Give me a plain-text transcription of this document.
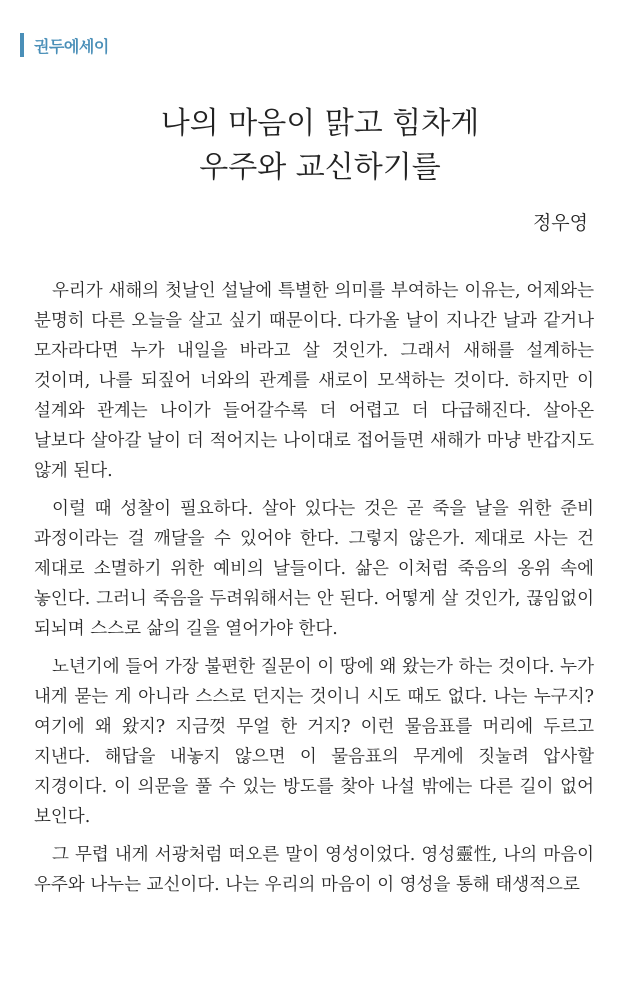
권두에세이
나의 마음이 맑고 힘차게
우주와 교신하기를
정우영

우리가 새해의 첫날인 설날에 특별한 의미를 부여하는 이유는, 어제와는 분명히 다른 오늘을 살고 싶기 때문이다. 다가올 날이 지나간 날과 같거나 모자라다면 누가 내일을 바라고 살 것인가. 그래서 새해를 설계하는 것이며, 나를 되짚어 너와의 관계를 새로이 모색하는 것이다. 하지만 이 설계와 관계는 나이가 들어갈수록 더 어렵고 더 다급해진다. 살아온 날보다 살아갈 날이 더 적어지는 나이대로 접어들면 새해가 마냥 반갑지도 않게 된다.

이럴 때 성찰이 필요하다. 살아 있다는 것은 곧 죽을 날을 위한 준비 과정이라는 걸 깨달을 수 있어야 한다. 그렇지 않은가. 제대로 사는 건 제대로 소멸하기 위한 예비의 날들이다. 삶은 이처럼 죽음의 옹위 속에 놓인다. 그러니 죽음을 두려워해서는 안 된다. 어떻게 살 것인가, 끊임없이 되뇌며 스스로 삶의 길을 열어가야 한다.

노년기에 들어 가장 불편한 질문이 이 땅에 왜 왔는가 하는 것이다. 누가 내게 묻는 게 아니라 스스로 던지는 것이니 시도 때도 없다. 나는 누구지? 여기에 왜 왔지? 지금껏 무얼 한 거지? 이런 물음표를 머리에 두르고 지낸다. 해답을 내놓지 않으면 이 물음표의 무게에 짓눌려 압사할 지경이다. 이 의문을 풀 수 있는 방도를 찾아 나설 밖에는 다른 길이 없어 보인다.

그 무렵 내게 서광처럼 떠오른 말이 영성이었다. 영성靈性, 나의 마음이 우주와 나누는 교신이다. 나는 우리의 마음이 이 영성을 통해 태생적으로
